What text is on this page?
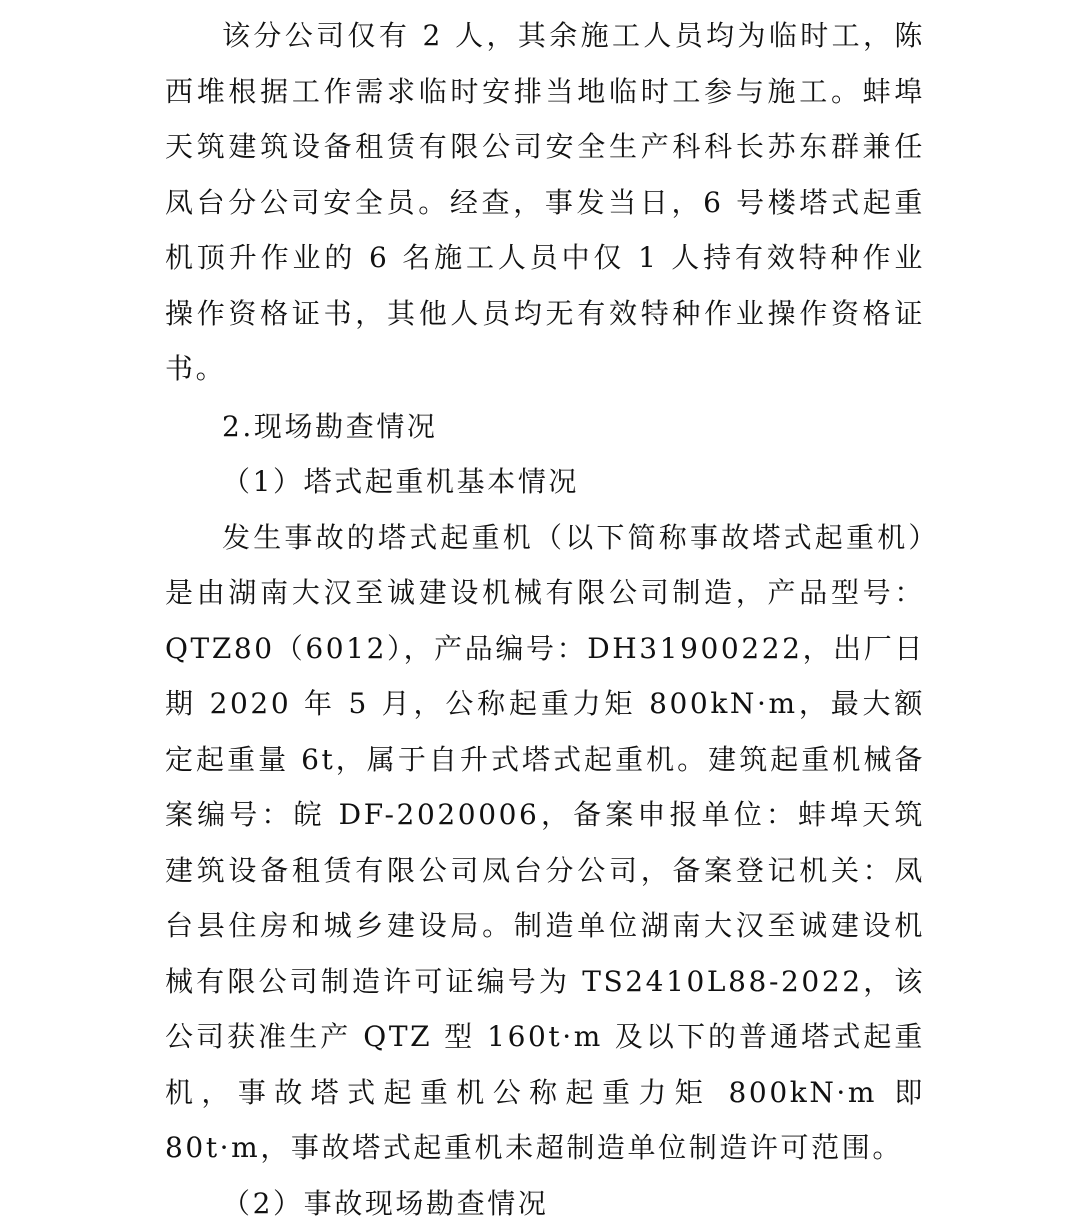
该分公司仅有 2 人，其余施工人员均为临时工，陈西堆根据工作需求临时安排当地临时工参与施工。蚌埠天筑建筑设备租赁有限公司安全生产科科长苏东群兼任凤台分公司安全员。经查，事发当日，6 号楼塔式起重机顶升作业的 6 名施工人员中仅 1 人持有效特种作业操作资格证书，其他人员均无有效特种作业操作资格证书。

2.现场勘查情况

（1）塔式起重机基本情况

发生事故的塔式起重机（以下简称事故塔式起重机）是由湖南大汉至诚建设机械有限公司制造，产品型号：QTZ80（6012），产品编号：DH31900222，出厂日期 2020 年 5 月，公称起重力矩 800kN·m，最大额定起重量 6t，属于自升式塔式起重机。建筑起重机械备案编号：皖 DF-2020006，备案申报单位：蚌埠天筑建筑设备租赁有限公司凤台分公司，备案登记机关：凤台县住房和城乡建设局。制造单位湖南大汉至诚建设机械有限公司制造许可证编号为 TS2410L88-2022，该公司获准生产 QTZ 型 160t·m 及以下的普通塔式起重机，事故塔式起重机公称起重力矩 800kN·m 即 80t·m，事故塔式起重机未超制造单位制造许可范围。

（2）事故现场勘查情况
